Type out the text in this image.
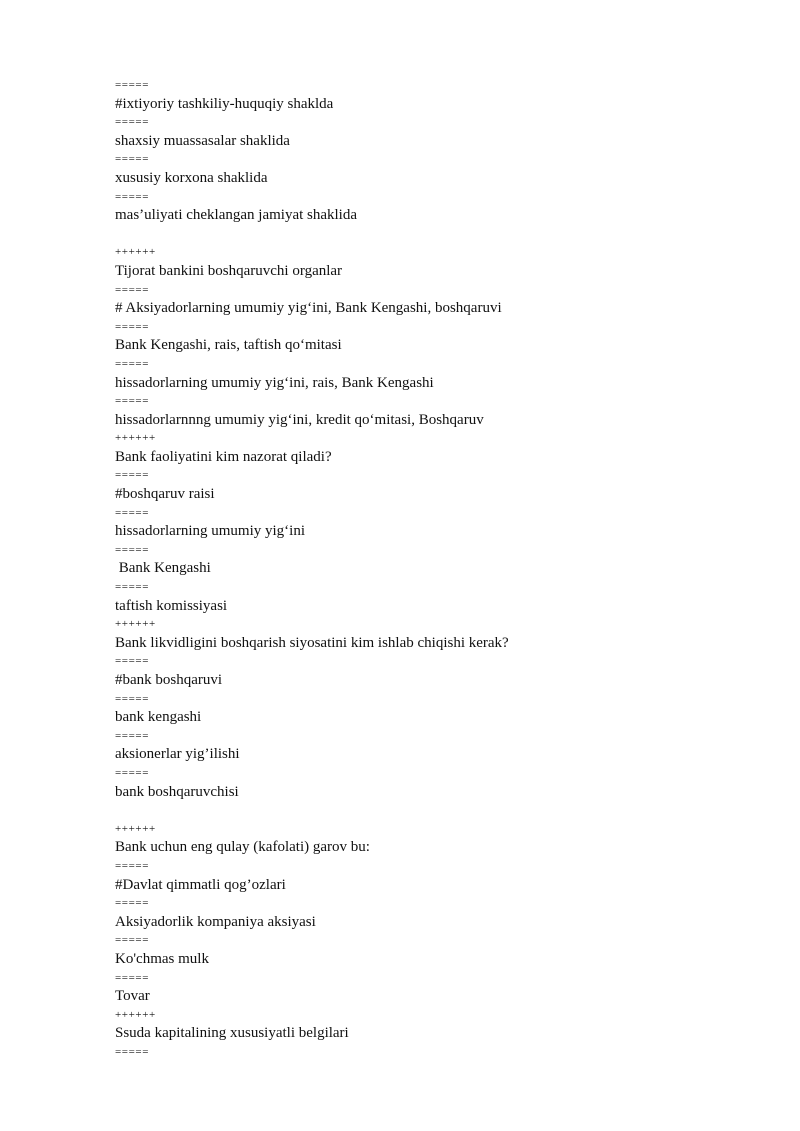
=====
#ixtiyoriy tashkiliy-huquqiy shaklda
=====
shaxsiy muassasalar shaklida
=====
xususiy korxona shaklida
=====
mas’uliyati cheklangan jamiyat shaklida
++++++
Tijorat bankini boshqaruvchi organlar
=====
# Aksiyadorlarning umumiy yig‘ini, Bank Kengashi, boshqaruvi
=====
Bank Kengashi, rais, taftish qo‘mitasi
=====
hissadorlarning umumiy yig‘ini, rais, Bank Kengashi
=====
hissadorlarnnng umumiy yig‘ini, kredit qo‘mitasi, Boshqaruv
++++++
Bank faoliyatini kim nazorat qiladi?
=====
#boshqaruv raisi
=====
hissadorlarning umumiy yig‘ini
=====
Bank Kengashi
=====
taftish komissiyasi
++++++
Bank likvidligini boshqarish siyosatini kim ishlab chiqishi kerak?
=====
#bank boshqaruvi
=====
bank kengashi
=====
aksionerlar yig’ilishi
=====
bank boshqaruvchisi
++++++
Bank uchun eng qulay (kafolati) garov bu:
=====
#Davlat qimmatli qog’ozlari
=====
Aksiyadorlik kompaniya aksiyasi
=====
Ko'chmas mulk
=====
Tovar
++++++
Ssuda kapitalining xususiyatli belgilari
=====
